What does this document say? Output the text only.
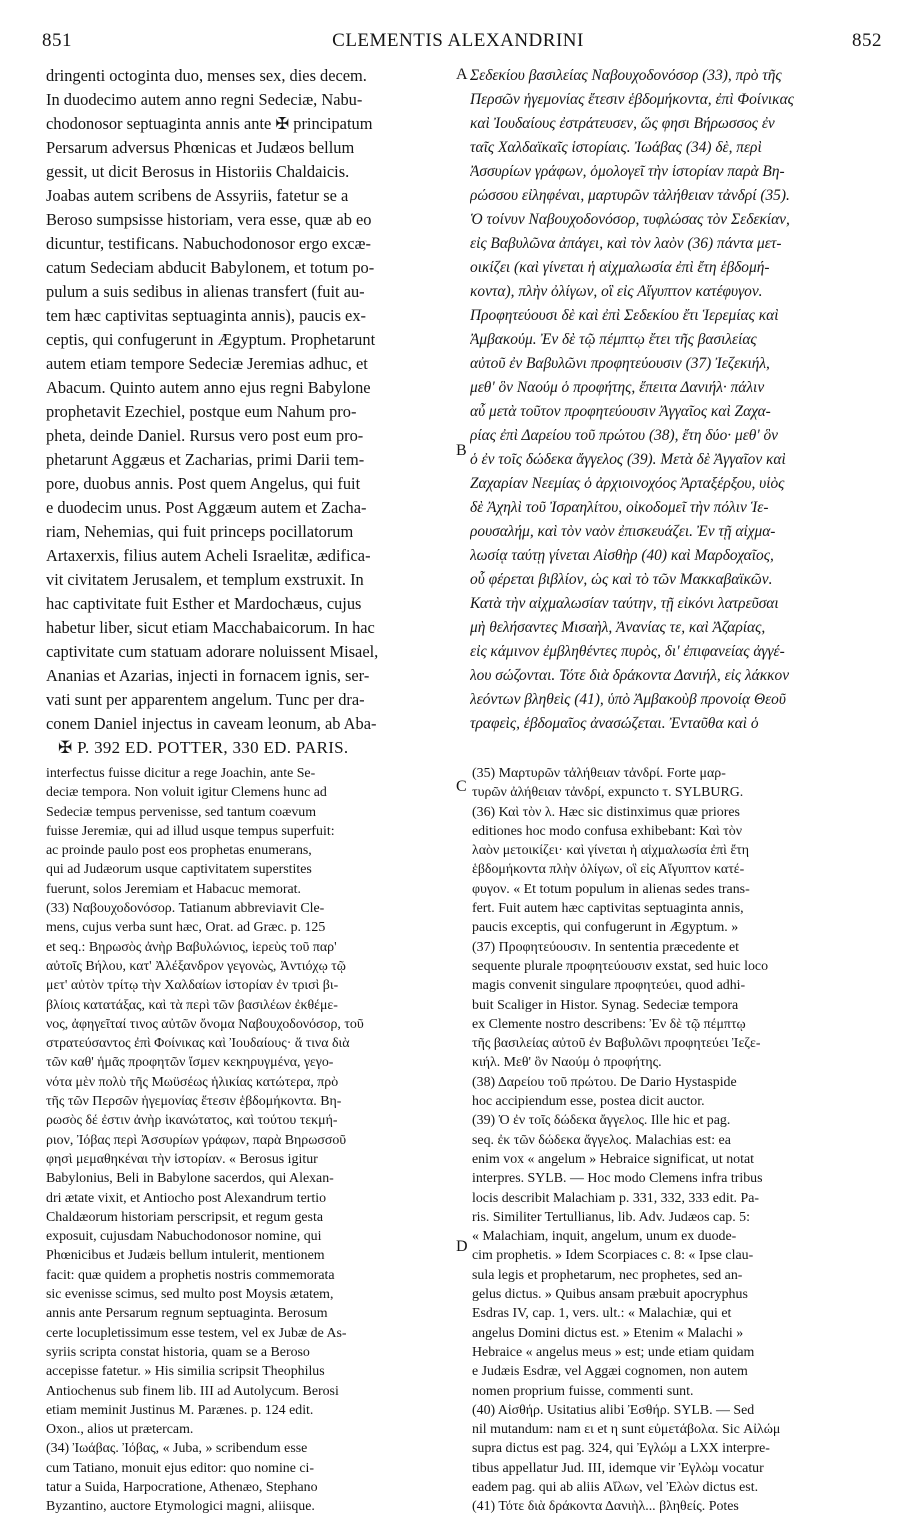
851	CLEMENTIS ALEXANDRINI	852
dringenti octoginta duo, menses sex, dies decem.
In duodecimo autem anno regni Sedeciæ, Nabu-
chodonosor septuaginta annis ante ✠ principatum
Persarum adversus Phœnicas et Judæos bellum
gessit, ut dicit Berosus in Historiis Chaldaicis.
Joabas autem scribens de Assyriis, fatetur se a
Beroso sumpsisse historiam, vera esse, quæ ab eo
dicuntur, testificans. Nabuchodonosor ergo excæ-
catum Sedeciam abducit Babylonem, et totum po-
pulum a suis sedibus in alienas transfert (fuit au-
tem hæc captivitas septuaginta annis), paucis ex-
ceptis, qui confugerunt in Ægyptum. Prophetarunt
autem etiam tempore Sedeciæ Jeremias adhuc, et
Abacum. Quinto autem anno ejus regni Babylone
prophetavit Ezechiel, postque eum Nahum pro-
pheta, deinde Daniel. Rursus vero post eum pro-
phetarunt Aggæus et Zacharias, primi Darii tem-
pore, duobus annis. Post quem Angelus, qui fuit
e duodecim unus. Post Aggæum autem et Zacha-
riam, Nehemias, qui fuit princeps pocillatorum
Artaxerxis, filius autem Acheli Israelitæ, ædifica-
vit civitatem Jerusalem, et templum exstruxit. In
hac captivitate fuit Esther et Mardochæus, cujus
habetur liber, sicut etiam Macchabaicorum. In hac
captivitate cum statuam adorare noluissent Misael,
Ananias et Azarias, injecti in fornacem ignis, ser-
vati sunt per apparentem angelum. Tunc per dra-
conem Daniel injectus in caveam leonum, ab Aba-
Σεδεκίου βασιλείας Ναβουχοδονόσορ (33), πρὸ τῆς
Περσῶν ἡγεμονίας ἔτεσιν ἑβδομήκοντα, ἐπὶ Φοίνικας
καὶ Ἰουδαίους ἐστράτευσεν, ὥς φησι Βήρωσσος ἐν
ταῖς Χαλδαϊκαῖς ἱστορίαις. Ἰωάβας (34) δὲ, περὶ
Ἀσσυρίων γράφων, ὁμολογεῖ τὴν ἱστορίαν παρὰ Βη-
ρώσσου εἰληφέναι, μαρτυρῶν τἀλήθειαν τἀνδρί (35).
Ὁ τοίνυν Ναβουχοδονόσορ, τυφλώσας τὸν Σεδεκίαν,
εἰς Βαβυλῶνα ἀπάγει, καὶ τὸν λαὸν (36) πάντα μετ-
οικίζει (καὶ γίνεται ἡ αἰχμαλωσία ἐπὶ ἔτη ἑβδομή-
κοντα), πλὴν ὀλίγων, οἳ εἰς Αἴγυπτον κατέφυγον.
Προφητεύουσι δὲ καὶ ἐπὶ Σεδεκίου ἔτι Ἱερεμίας καὶ
Ἀμβακούμ. Ἐν δὲ τῷ πέμπτῳ ἔτει τῆς βασιλείας
αὐτοῦ ἐν Βαβυλῶνι προφητεύουσιν (37) Ἰεζεκιήλ,
μεθ' ὃν Ναούμ ὁ προφήτης, ἔπειτα Δανιήλ· πάλιν
αὖ μετὰ τοῦτον προφητεύουσιν Ἀγγαῖος καὶ Ζαχα-
ρίας ἐπὶ Δαρείου τοῦ πρώτου (38), ἔτη δύο· μεθ' ὃν
ὁ ἐν τοῖς δώδεκα ἄγγελος (39). Μετὰ δὲ Ἀγγαῖον καὶ
Ζαχαρίαν Νεεμίας ὁ ἀρχιοινοχόος Ἀρταξέρξου, υἱὸς
δὲ Ἀχηλὶ τοῦ Ἰσραηλίτου, οἰκοδομεῖ τὴν πόλιν Ἱε-
ρουσαλήμ, καὶ τὸν ναὸν ἐπισκευάζει. Ἐν τῇ αἰχμα-
λωσίᾳ ταύτῃ γίνεται Αἰσθὴρ (40) καὶ Μαρδοχαῖος,
οὗ φέρεται βιβλίον, ὡς καὶ τὸ τῶν Μακκαβαϊκῶν.
Κατὰ τὴν αἰχμαλωσίαν ταύτην, τῇ εἰκόνι λατρεῦσαι
μὴ θελήσαντες Μισαὴλ, Ἀνανίας τε, καὶ Ἀζαρίας,
εἰς κάμινον ἐμβληθέντες πυρὸς, δι' ἐπιφανείας ἀγγέ-
λου σώζονται. Τότε διὰ δράκοντα Δανιήλ, εἰς λάκκον
λεόντων βληθεὶς (41), ὑπὸ Ἀμβακοὺβ προνοίᾳ Θεοῦ
τραφεὶς, ἑβδομαῖος ἀνασώζεται. Ἐνταῦθα καὶ ὁ
✠ P. 392 ED. POTTER, 330 ED. PARIS.
interfectus fuisse dicitur a rege Joachin, ante Se-
deciæ tempora. Non voluit igitur Clemens hunc ad
Sedeciæ tempus pervenisse, sed tantum coævum
fuisse Jeremiæ, qui ad illud usque tempus superfuit:
ac proinde paulo post eos prophetas enumerans,
qui ad Judæorum usque captivitatem superstites
fuerunt, solos Jeremiam et Habacuc memorat.
(33) Ναβουχοδονόσορ. Tatianum abbreviavit Cle-
mens, cujus verba sunt hæc, Orat. ad Græc. p. 125
et seq.: Βηρωσὸς ἀνὴρ Βαβυλώνιος, ἱερεὺς τοῦ παρ'
αὐτοῖς Βήλου, κατ' Ἀλέξανδρον γεγονὼς, Ἀντιόχῳ τῷ
μετ' αὐτὸν τρίτῳ τὴν Χαλδαίων ἱστορίαν ἐν τρισὶ βι-
βλίοις κατατάξας, καὶ τὰ περὶ τῶν βασιλέων ἐκθέμε-
νος, ἀφηγεῖταί τινος αὐτῶν ὄνομα Ναβουχοδονόσορ, τοῦ
στρατεύσαντος ἐπὶ Φοίνικας καὶ Ἰουδαίους· ἅ τινα διὰ
τῶν καθ' ἡμᾶς προφητῶν ἴσμεν κεκηρυγμένα, γεγο-
νότα μὲν πολὺ τῆς Μωϋσέως ἡλικίας κατώτερα, πρὸ
τῆς τῶν Περσῶν ἡγεμονίας ἔτεσιν ἑβδομήκοντα. Βη-
ρωσὸς δέ ἐστιν ἀνὴρ ἱκανώτατος, καὶ τούτου τεκμή-
ριον, Ἰόβας περὶ Ἀσσυρίων γράφων, παρὰ Βηρωσσοῦ
φησὶ μεμαθηκέναι τὴν ἱστορίαν. « Berosus igitur
Babylonius, Beli in Babylone sacerdos, qui Alexan-
dri ætate vixit, et Antiocho post Alexandrum tertio
Chaldæorum historiam perscripsit, et regum gesta
exposuit, cujusdam Nabuchodonosor nomine, qui
Phœnicibus et Judæis bellum intulerit, mentionem
facit: quæ quidem a prophetis nostris commemorata
sic evenisse scimus, sed multo post Moysis ætatem,
annis ante Persarum regnum septuaginta. Berosum
certe locupletissimum esse testem, vel ex Jubæ de As-
syriis scripta constat historia, quam se a Beroso
accepisse fatetur. » His similia scripsit Theophilus
Antiochenus sub finem lib. III ad Autolycum. Berosi
etiam meminit Justinus M. Parænes. p. 124 edit.
Oxon., alios ut prætercam.
(34) Ἰωάβας. Ἰόβας, « Juba, » scribendum esse
cum Tatiano, monuit ejus editor: quo nomine ci-
tatur a Suida, Harpocratione, Athenæo, Stephano
Byzantino, auctore Etymologici magni, aliisque.
(35) Μαρτυρῶν τἀλήθειαν τἀνδρί. Forte μαρ-
τυρῶν ἀλήθειαν τἀνδρί, expuncto τ. SYLBURG.
(36) Καὶ τὸν λ. Hæc sic distinximus quæ priores
editiones hoc modo confusa exhibebant: Καὶ τὸν
λαὸν μετοικίζει· καὶ γίνεται ἡ αἰχμαλωσία ἐπὶ ἔτη
ἑβδομήκοντα πλὴν ὀλίγων, οἳ εἰς Αἴγυπτον κατέ-
φυγον. « Et totum populum in alienas sedes trans-
fert. Fuit autem hæc captivitas septuaginta annis,
paucis exceptis, qui confugerunt in Ægyptum. »
(37) Προφητεύουσιν. In sententia præcedente et
sequente plurale προφητεύουσιν exstat, sed huic loco
magis convenit singulare προφητεύει, quod adhi-
buit Scaliger in Histor. Synag. Sedeciæ tempora
ex Clemente nostro describens: Ἐν δὲ τῷ πέμπτῳ
τῆς βασιλείας αὐτοῦ ἐν Βαβυλῶνι προφητεύει Ἰεζε-
κιήλ. Μεθ' ὃν Ναούμ ὁ προφήτης.
(38) Δαρείου τοῦ πρώτου. De Dario Hystaspide
hoc accipiendum esse, postea dicit auctor.
(39) Ὁ ἐν τοῖς δώδεκα ἄγγελος. Ille hic et pag.
seq. ἐκ τῶν δώδεκα ἄγγελος. Malachias est: ea
enim vox « angelum » Hebraice significat, ut notat
interpres. SYLB. — Hoc modo Clemens infra tribus
locis describit Malachiam p. 331, 332, 333 edit. Pa-
ris. Similiter Tertullianus, lib. Adv. Judæos cap. 5:
« Malachiam, inquit, angelum, unum ex duode-
cim prophetis. » Idem Scorpiaces c. 8: « Ipse clau-
sula legis et prophetarum, nec prophetes, sed an-
gelus dictus. » Quibus ansam præbuit apocryphus
Esdras IV, cap. 1, vers. ult.: « Malachiæ, qui et
angelus Domini dictus est. » Etenim « Malachi »
Hebraice « angelus meus » est; unde etiam quidam
e Judæis Esdræ, vel Aggæi cognomen, non autem
nomen proprium fuisse, commenti sunt.
(40) Αἰσθήρ. Usitatius alibi Ἐσθήρ. SYLB. — Sed
nil mutandum: nam ει et η sunt εὐμετάβολα. Sic Αἰλώμ
supra dictus est pag. 324, qui Ἐγλώμ a LXX interpre-
tibus appellatur Jud. III, idemque vir Ἐγλὼμ vocatur
eadem pag. qui ab aliis Αἴλων, vel Ἐλὼν dictus est.
(41) Τότε διὰ δράκοντα Δανιὴλ... βληθείς. Potes
A
B
C
D
